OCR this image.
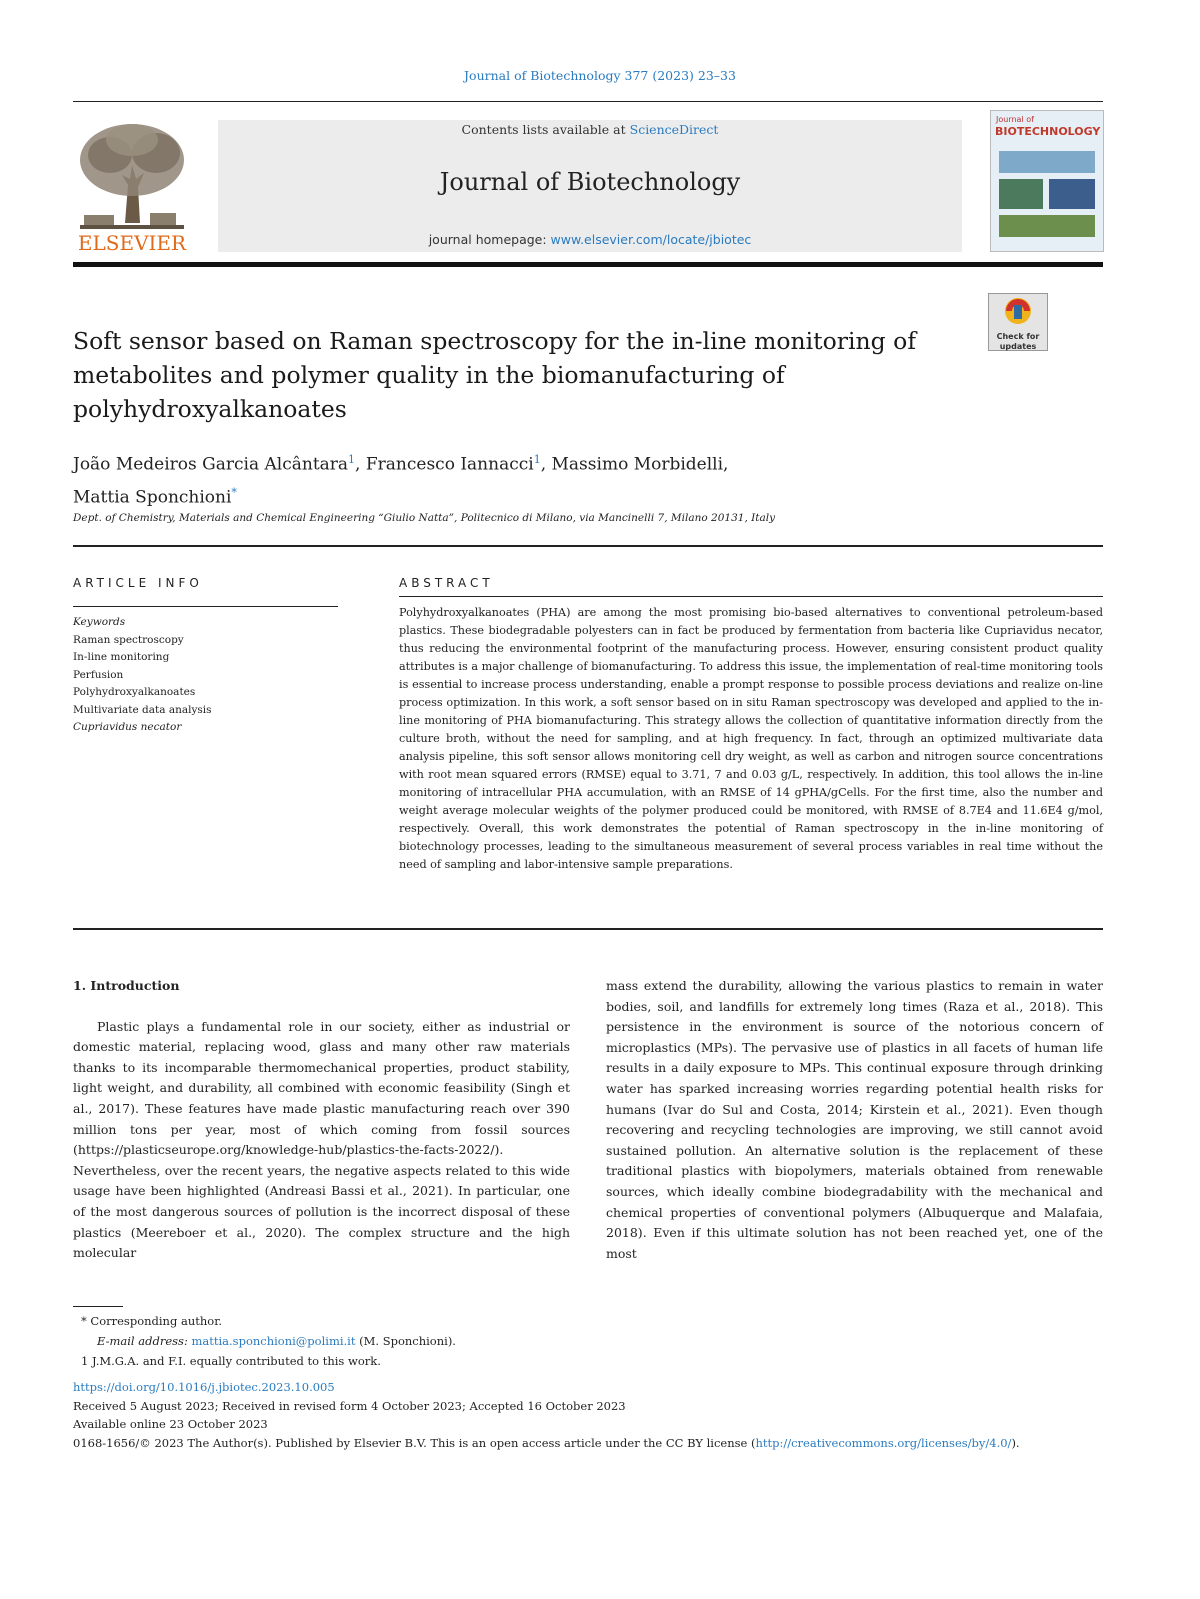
Journal of Biotechnology 377 (2023) 23–33
ELSEVIER
Contents lists available at ScienceDirect
Journal of Biotechnology
journal homepage: www.elsevier.com/locate/jbiotec
Journal of
BIOTECHNOLOGY
Check for updates
Soft sensor based on Raman spectroscopy for the in-line monitoring of metabolites and polymer quality in the biomanufacturing of polyhydroxyalkanoates
João Medeiros Garcia Alcântara$^1$, Francesco Iannacci$^1$, Massimo Morbidelli,
Mattia Sponchioni*
Dept. of Chemistry, Materials and Chemical Engineering “Giulio Natta”, Politecnico di Milano, via Mancinelli 7, Milano 20131, Italy
ARTICLE INFO
Keywords
Raman spectroscopy
In-line monitoring
Perfusion
Polyhydroxyalkanoates
Multivariate data analysis
Cupriavidus necator
ABSTRACT

Polyhydroxyalkanoates (PHA) are among the most promising bio-based alternatives to conventional petroleum-based plastics. These biodegradable polyesters can in fact be produced by fermentation from bacteria like Cupriavidus necator, thus reducing the environmental footprint of the manufacturing process. However, ensuring consistent product quality attributes is a major challenge of biomanufacturing. To address this issue, the implementation of real-time monitoring tools is essential to increase process understanding, enable a prompt response to possible process deviations and realize on-line process optimization. In this work, a soft sensor based on in situ Raman spectroscopy was developed and applied to the in-line monitoring of PHA biomanufacturing. This strategy allows the collection of quantitative information directly from the culture broth, without the need for sampling, and at high frequency. In fact, through an optimized multivariate data analysis pipeline, this soft sensor allows monitoring cell dry weight, as well as carbon and nitrogen source concentrations with root mean squared errors (RMSE) equal to 3.71, 7 and 0.03 g/L, respectively. In addition, this tool allows the in-line monitoring of intracellular PHA accumulation, with an RMSE of 14 gPHA/gCells. For the first time, also the number and weight average molecular weights of the polymer produced could be monitored, with RMSE of 8.7E4 and 11.6E4 g/mol, respectively. Overall, this work demonstrates the potential of Raman spectroscopy in the in-line monitoring of biotechnology processes, leading to the simultaneous measurement of several process variables in real time without the need of sampling and labor-intensive sample preparations.

1. Introduction

Plastic plays a fundamental role in our society, either as industrial or domestic material, replacing wood, glass and many other raw materials thanks to its incomparable thermomechanical properties, product stability, light weight, and durability, all combined with economic feasibility (Singh et al., 2017). These features have made plastic manufacturing reach over 390 million tons per year, most of which coming from fossil sources (https://plasticseurope.org/knowledge-hub/plastics-the-facts-2022/). Nevertheless, over the recent years, the negative aspects related to this wide usage have been highlighted (Andreasi Bassi et al., 2021). In particular, one of the most dangerous sources of pollution is the incorrect disposal of these plastics (Meereboer et al., 2020). The complex structure and the high molecular

mass extend the durability, allowing the various plastics to remain in water bodies, soil, and landfills for extremely long times (Raza et al., 2018). This persistence in the environment is source of the notorious concern of microplastics (MPs). The pervasive use of plastics in all facets of human life results in a daily exposure to MPs. This continual exposure through drinking water has sparked increasing worries regarding potential health risks for humans (Ivar do Sul and Costa, 2014; Kirstein et al., 2021). Even though recovering and recycling technologies are improving, we still cannot avoid sustained pollution. An alternative solution is the replacement of these traditional plastics with biopolymers, materials obtained from renewable sources, which ideally combine biodegradability with the mechanical and chemical properties of conventional polymers (Albuquerque and Malafaia, 2018). Even if this ultimate solution has not been reached yet, one of the most

* Corresponding author.
E-mail address: mattia.sponchioni@polimi.it (M. Sponchioni).
1 J.M.G.A. and F.I. equally contributed to this work.
https://doi.org/10.1016/j.jbiotec.2023.10.005
Received 5 August 2023; Received in revised form 4 October 2023; Accepted 16 October 2023
Available online 23 October 2023
0168-1656/© 2023 The Author(s). Published by Elsevier B.V. This is an open access article under the CC BY license (http://creativecommons.org/licenses/by/4.0/).
